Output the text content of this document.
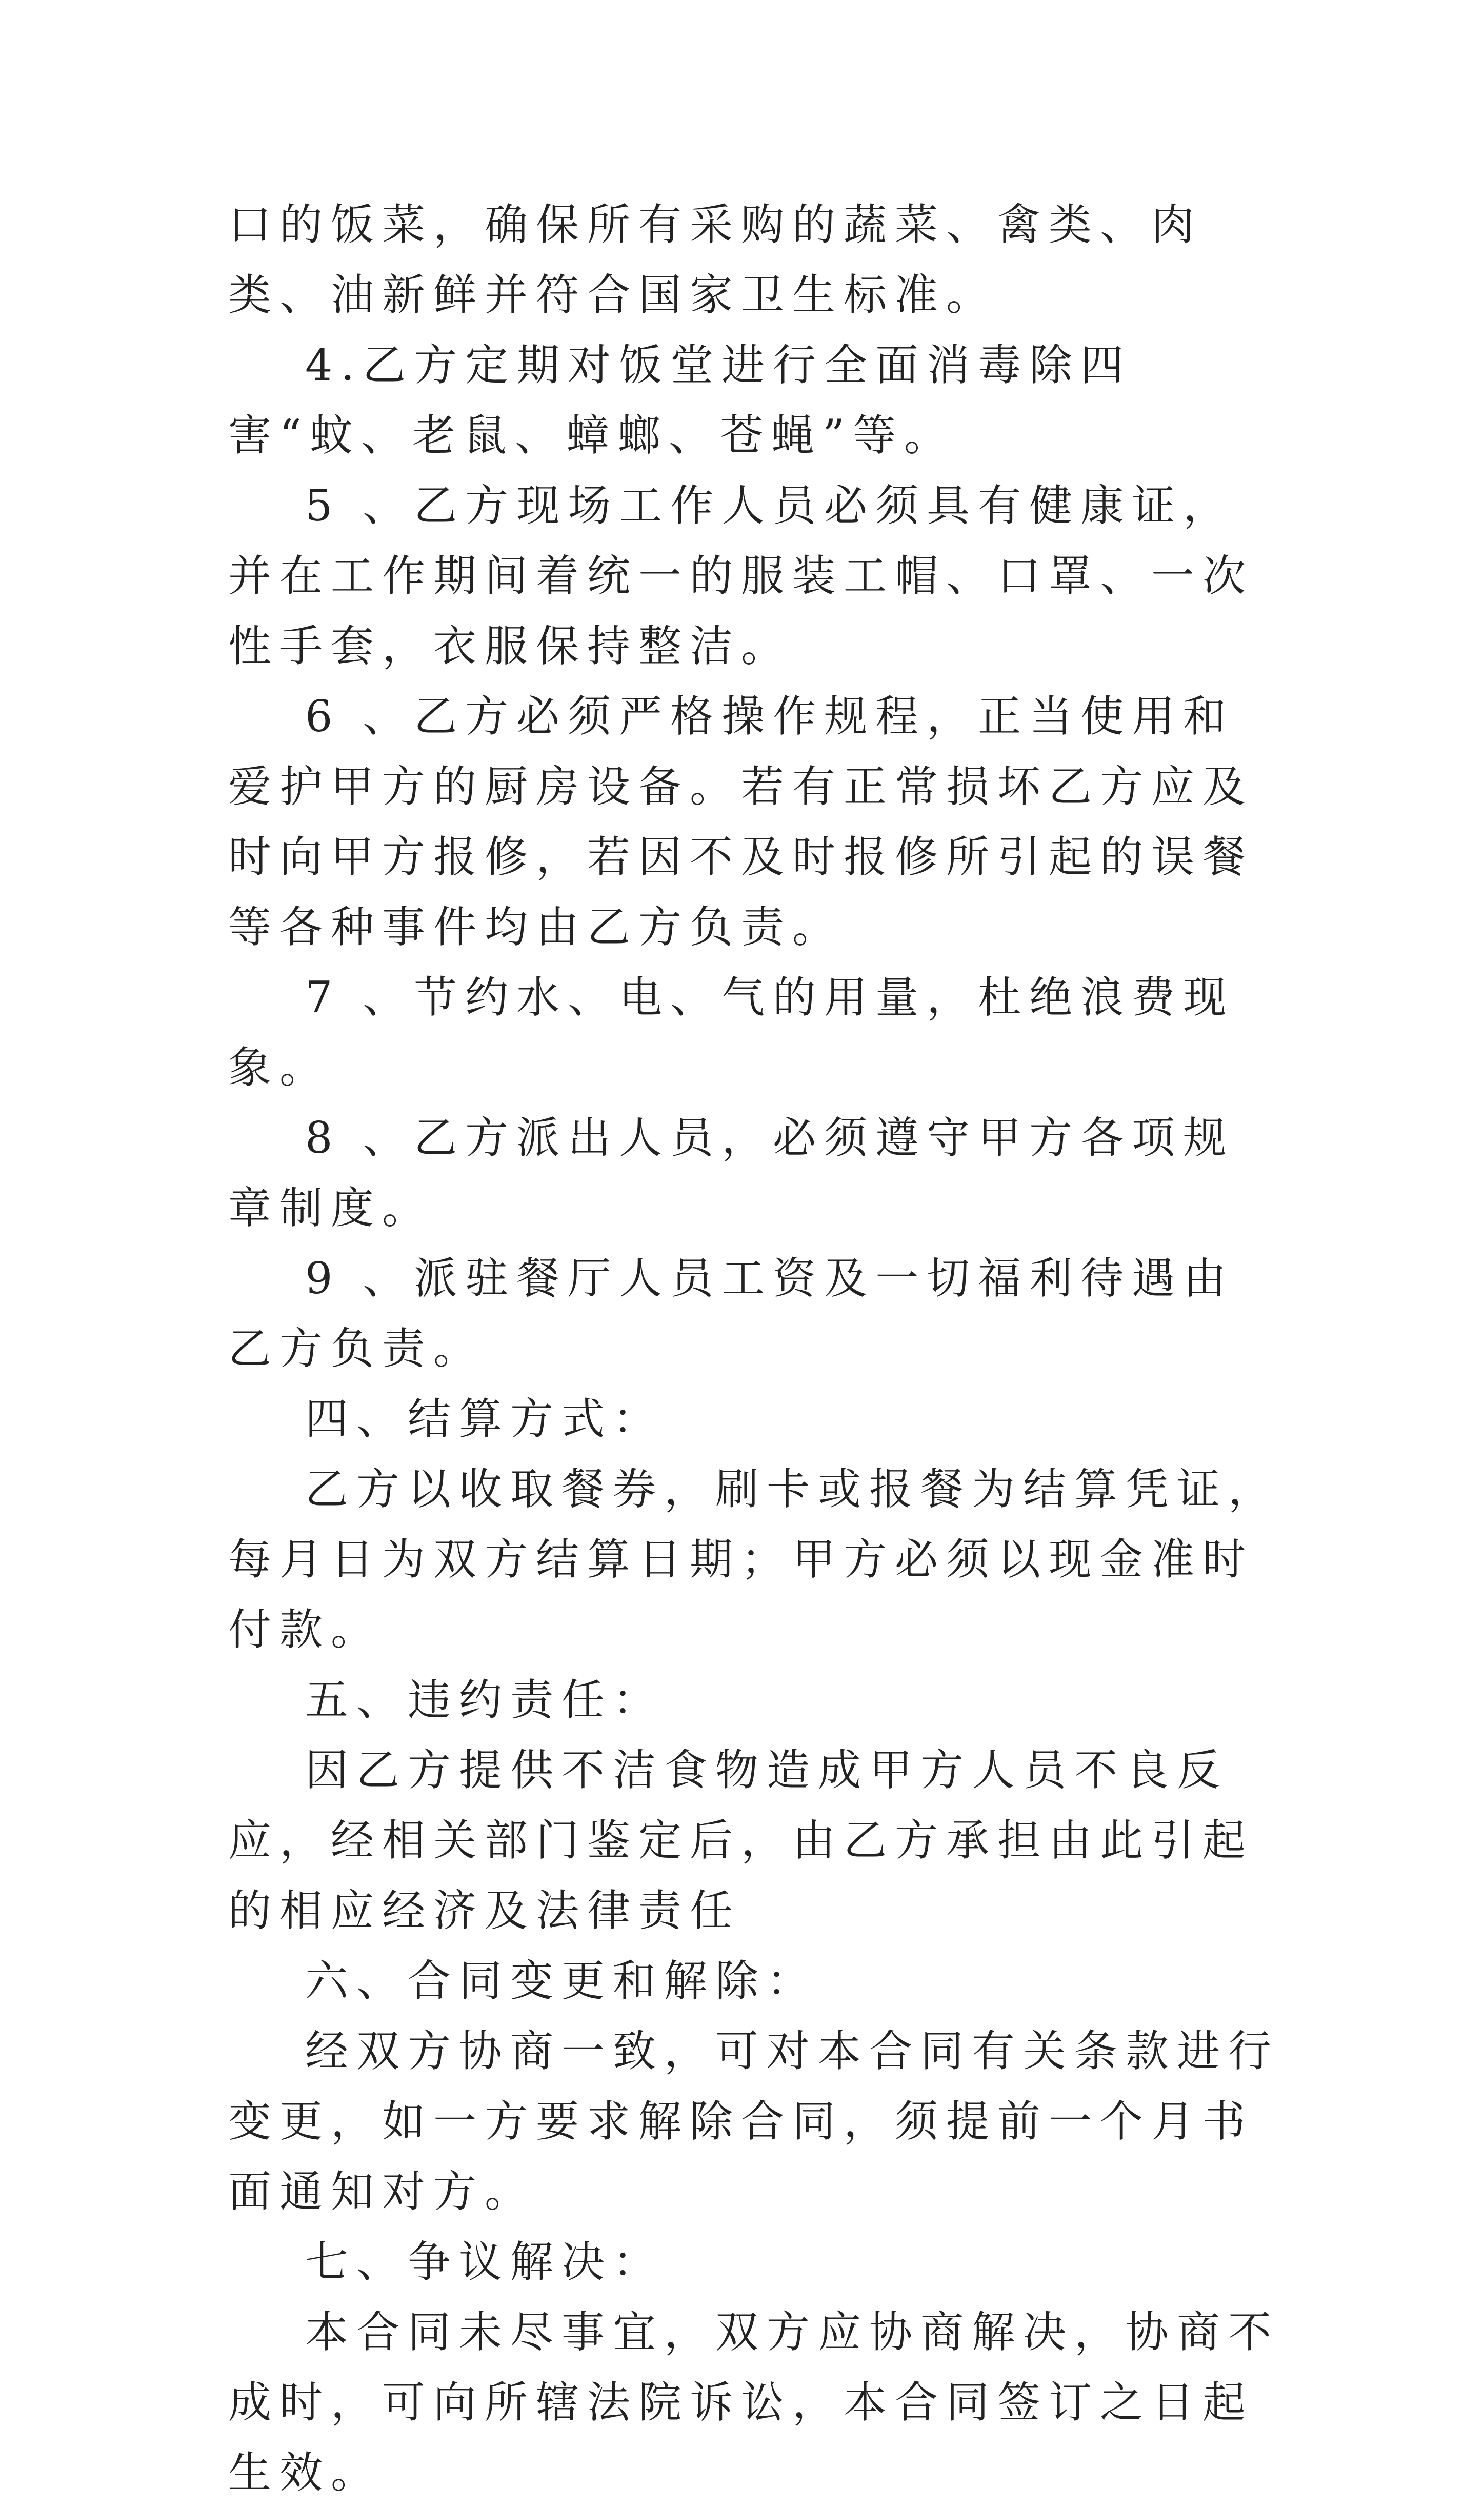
口的饭菜，确保所有采购的蔬菜、禽类、肉类、油新鲜并符合国家卫生标准。

4.乙方定期对饭堂进行全面消毒除四害“蚊、老鼠、蟑螂、苍蝇”等。

5 、乙方现场工作人员必须具有健康证，并在工作期间着统一的服装工帽、口罩、一次性手套，衣服保持整洁。

6 、乙方必须严格操作规程，正当使用和爱护甲方的厨房设备。若有正常损坏乙方应及时向甲方报修，若因不及时报修所引起的误餐等各种事件均由乙方负责。

7 、节约水、电、气的用量，杜绝浪费现象。

8 、乙方派出人员，必须遵守甲方各项规章制度。

9 、派驻餐厅人员工资及一切福利待遇由乙方负责。

四、结算方式：

乙方以收取餐券，刷卡或报餐为结算凭证，每月日为双方结算日期；甲方必须以现金准时付款。

五、违约责任：

因乙方提供不洁食物造成甲方人员不良反应，经相关部门鉴定后，由乙方承担由此引起的相应经济及法律责任

六、合同变更和解除：

经双方协商一致，可对本合同有关条款进行变更，如一方要求解除合同，须提前一个月书面通知对方。

七、争议解决：

本合同未尽事宜，双方应协商解决，协商不成时，可向所辖法院诉讼，本合同签订之日起生效。
